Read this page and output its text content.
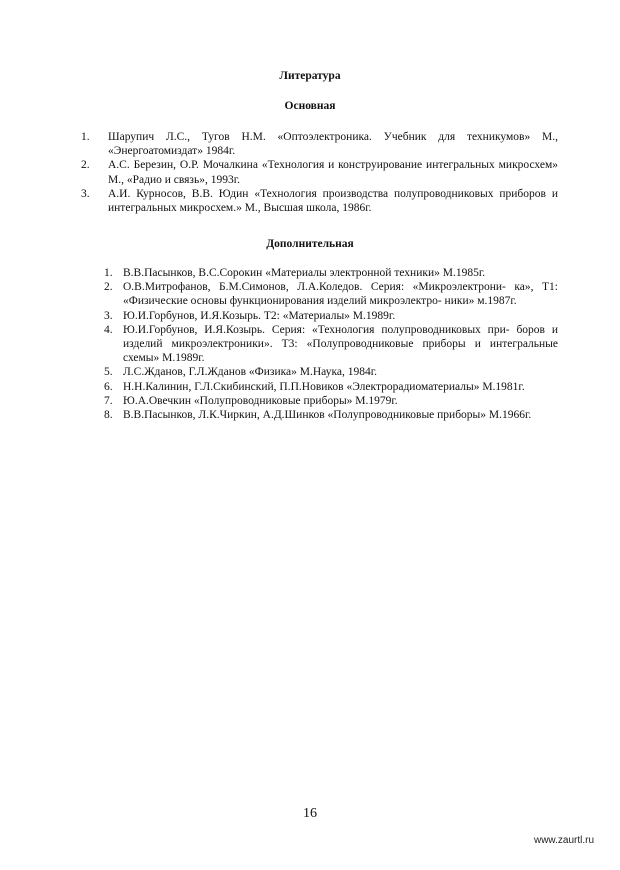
Литература
Основная
1. Шарупич Л.С., Тугов Н.М. «Оптоэлектроника. Учебник для техникумов» М., «Энергоатомиздат» 1984г.
2. А.С. Березин, О.Р. Мочалкина «Технология и конструирование интегральных микросхем» М., «Радио и связь», 1993г.
3. А.И. Курносов, В.В. Юдин «Технология производства полупроводниковых приборов и интегральных микросхем.» М., Высшая школа, 1986г.
Дополнительная
1. В.В.Пасынков, В.С.Сорокин «Материалы электронной техники» М.1985г.
2. О.В.Митрофанов, Б.М.Симонов, Л.А.Коледов. Серия: «Микроэлектрони- ка», Т1: «Физические основы функционирования изделий микроэлектро- ники» м.1987г.
3. Ю.И.Горбунов, И.Я.Козырь. Т2: «Материалы» М.1989г.
4. Ю.И.Горбунов, И.Я.Козырь. Серия: «Технология полупроводниковых при- боров и изделий микроэлектроники». Т3: «Полупроводниковые приборы и интегральные схемы» М.1989г.
5. Л.С.Жданов, Г.Л.Жданов «Физика» М.Наука, 1984г.
6. Н.Н.Калинин, Г.Л.Скибинский, П.П.Новиков «Электрорадиоматериалы» М.1981г.
7. Ю.А.Овечкин «Полупроводниковые приборы» М.1979г.
8. В.В.Пасынков, Л.К.Чиркин, А.Д.Шинков «Полупроводниковые приборы» М.1966г.
16
www.zaurtl.ru
